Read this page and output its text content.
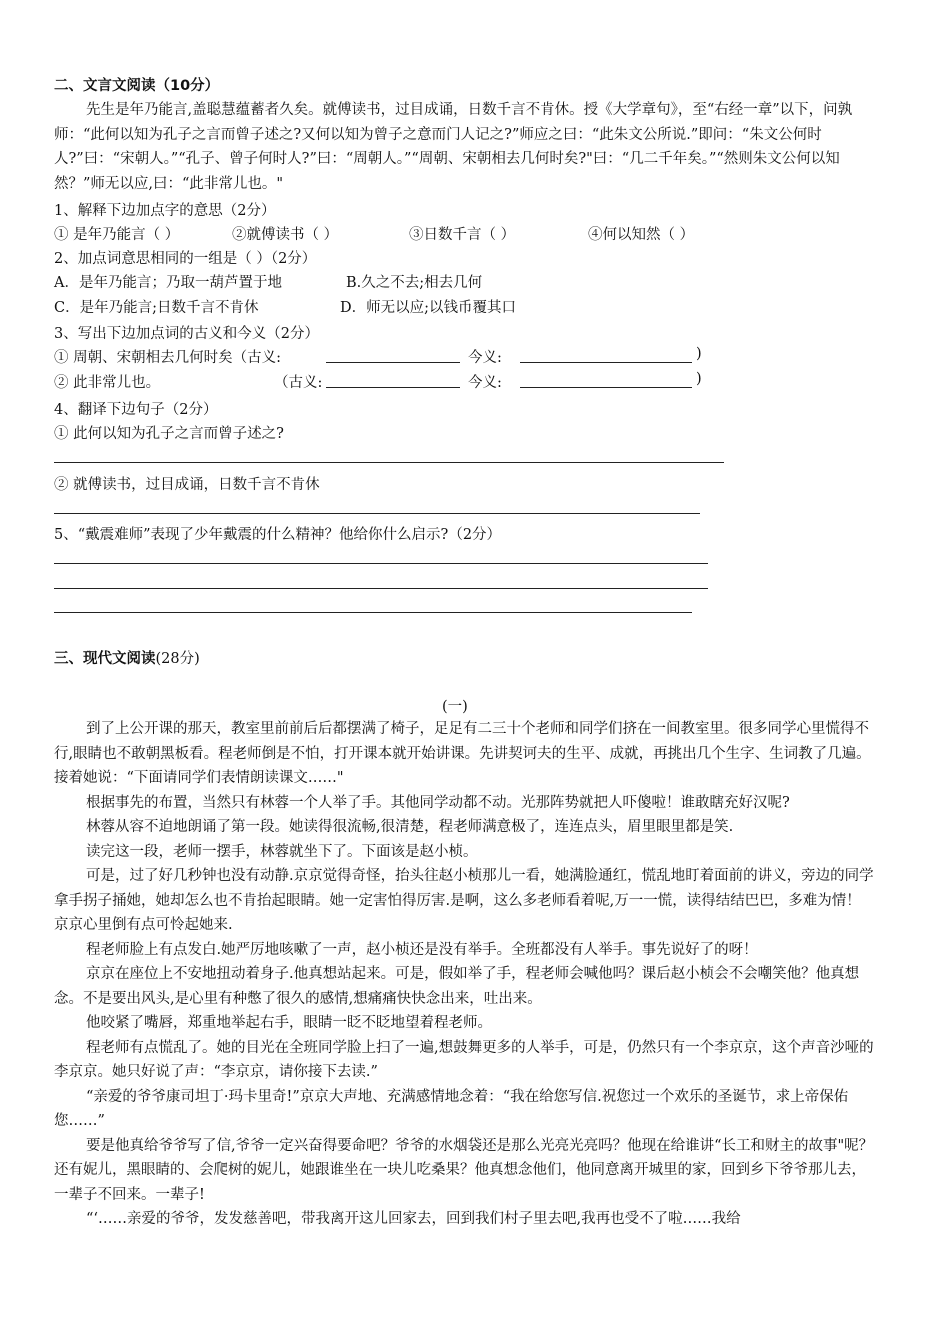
二、文言文阅读（10分）
先生是年乃能言,盖聪慧蕴蓄者久矣。就傅读书，过目成诵，日数千言不肯休。授《大学章句》，至“右经一章”以下，问孰师：“此何以知为孔子之言而曾子述之?又何以知为曾子之意而门人记之?”师应之曰：“此朱文公所说.”即问：“朱文公何时人?”曰：“宋朝人。”“孔子、曾子何时人?”曰：“周朝人。”“周朝、宋朝相去几何时矣?"曰：“几二千年矣。”“然则朱文公何以知然？”师无以应,曰：“此非常儿也。"
1、解释下边加点字的意思（2分）
① 是年乃能言（ ）	②就傅读书（ ）	③日数千言（ ）	④何以知然（ ）
2、加点词意思相同的一组是（ ）（2分）
A．是年乃能言；乃取一葫芦置于地	B.久之不去;相去几何
C．是年乃能言;日数千言不肯休	D．师无以应;以钱币覆其口
3、写出下边加点词的古义和今义（2分）
① 周朝、宋朝相去几何时矣（古义:	今义:	)
② 此非常儿也。	（古义:	今义:	)
4、翻译下边句子（2分）
① 此何以知为孔子之言而曾子述之?
② 就傅读书，过目成诵，日数千言不肯休
5、“戴震难师”表现了少年戴震的什么精神？他给你什么启示?（2分）
三、现代文阅读(28分)
(一)
到了上公开课的那天，教室里前前后后都摆满了椅子，足足有二三十个老师和同学们挤在一间教室里。很多同学心里慌得不行,眼睛也不敢朝黑板看。程老师倒是不怕，打开课本就开始讲课。先讲契诃夫的生平、成就，再挑出几个生字、生词教了几遍。接着她说：“下面请同学们表情朗读课文……"
根据事先的布置，当然只有林蓉一个人举了手。其他同学动都不动。光那阵势就把人吓傻啦！谁敢瞎充好汉呢?
林蓉从容不迫地朗诵了第一段。她读得很流畅,很清楚，程老师满意极了，连连点头，眉里眼里都是笑.
读完这一段，老师一摆手，林蓉就坐下了。下面该是赵小桢。
可是，过了好几秒钟也没有动静.京京觉得奇怪，抬头往赵小桢那儿一看，她满脸通红，慌乱地盯着面前的讲义，旁边的同学拿手拐子捅她，她却怎么也不肯抬起眼睛。她一定害怕得厉害.是啊，这么多老师看着呢,万一一慌，读得结结巴巴，多难为情！京京心里倒有点可怜起她来.
程老师脸上有点发白.她严厉地咳嗽了一声，赵小桢还是没有举手。全班都没有人举手。事先说好了的呀！
京京在座位上不安地扭动着身子.他真想站起来。可是，假如举了手，程老师会喊他吗？课后赵小桢会不会嘲笑他？他真想念。不是要出风头,是心里有种憋了很久的感情,想痛痛快快念出来，吐出来。
他咬紧了嘴唇，郑重地举起右手，眼睛一眨不眨地望着程老师。
程老师有点慌乱了。她的目光在全班同学脸上扫了一遍,想鼓舞更多的人举手，可是，仍然只有一个李京京，这个声音沙哑的李京京。她只好说了声：“李京京，请你接下去读.”
“亲爱的爷爷康司坦丁·玛卡里奇!”京京大声地、充满感情地念着：“我在给您写信.祝您过一个欢乐的圣诞节，求上帝保佑您……”
要是他真给爷爷写了信,爷爷一定兴奋得要命吧？爷爷的水烟袋还是那么光亮光亮吗？他现在给谁讲“长工和财主的故事"呢？还有妮儿，黑眼睛的、会爬树的妮儿，她跟谁坐在一块儿吃桑果？他真想念他们，他同意离开城里的家，回到乡下爷爷那儿去，一辈子不回来。一辈子!
“‘……亲爱的爷爷，发发慈善吧，带我离开这儿回家去，回到我们村子里去吧,我再也受不了啦……我给
